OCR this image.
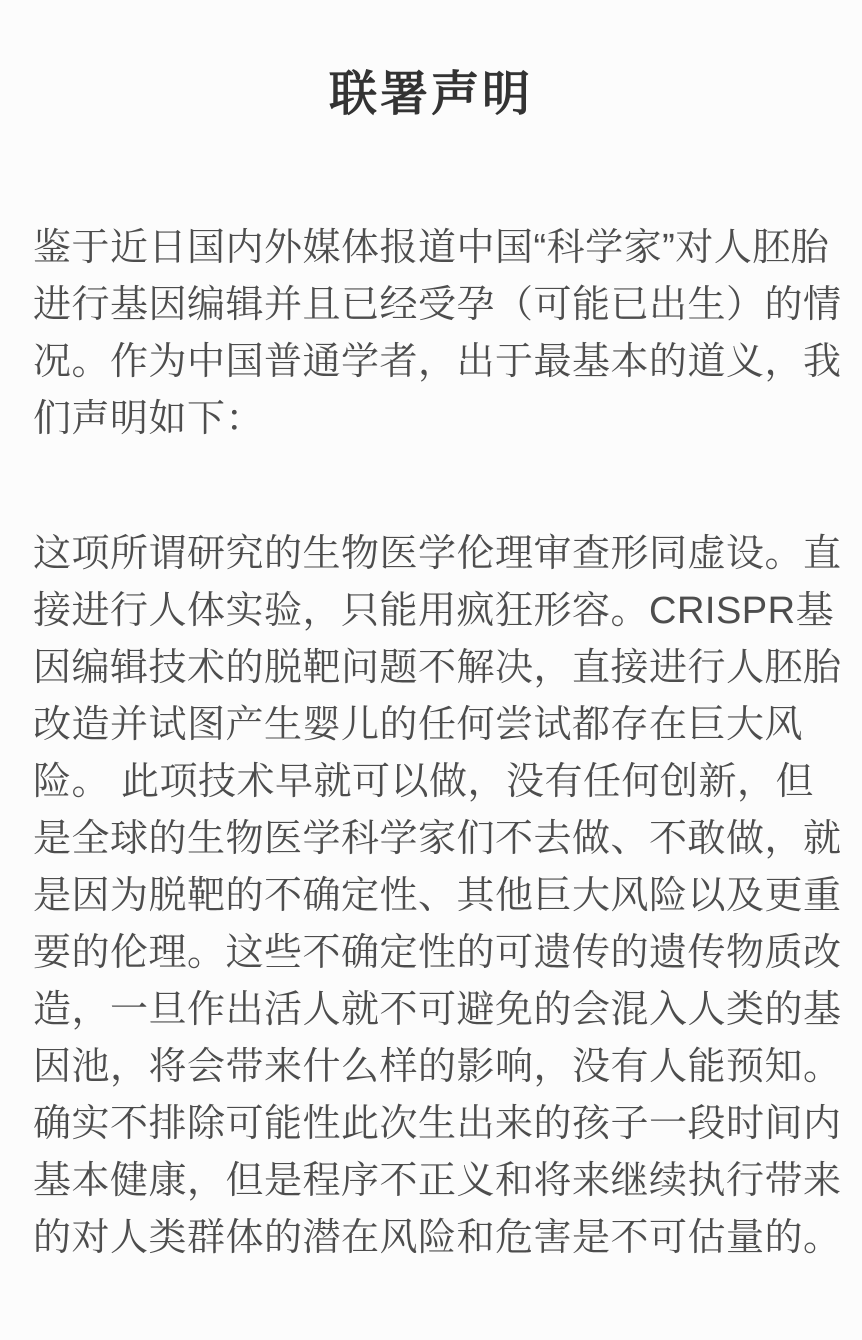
联署声明

鉴于近日国内外媒体报道中国“科学家”对人胚胎
进行基因编辑并且已经受孕（可能已出生）的情
况。作为中国普通学者，出于最基本的道义，我
们声明如下：

这项所谓研究的生物医学伦理审查形同虚设。直
接进行人体实验，只能用疯狂形容。CRISPR基
因编辑技术的脱靶问题不解决，直接进行人胚胎
改造并试图产生婴儿的任何尝试都存在巨大风
险。 此项技术早就可以做，没有任何创新，但
是全球的生物医学科学家们不去做、不敢做，就
是因为脱靶的不确定性、其他巨大风险以及更重
要的伦理。这些不确定性的可遗传的遗传物质改
造，一旦作出活人就不可避免的会混入人类的基
因池，将会带来什么样的影响，没有人能预知。
确实不排除可能性此次生出来的孩子一段时间内
基本健康，但是程序不正义和将来继续执行带来
的对人类群体的潜在风险和危害是不可估量的。
